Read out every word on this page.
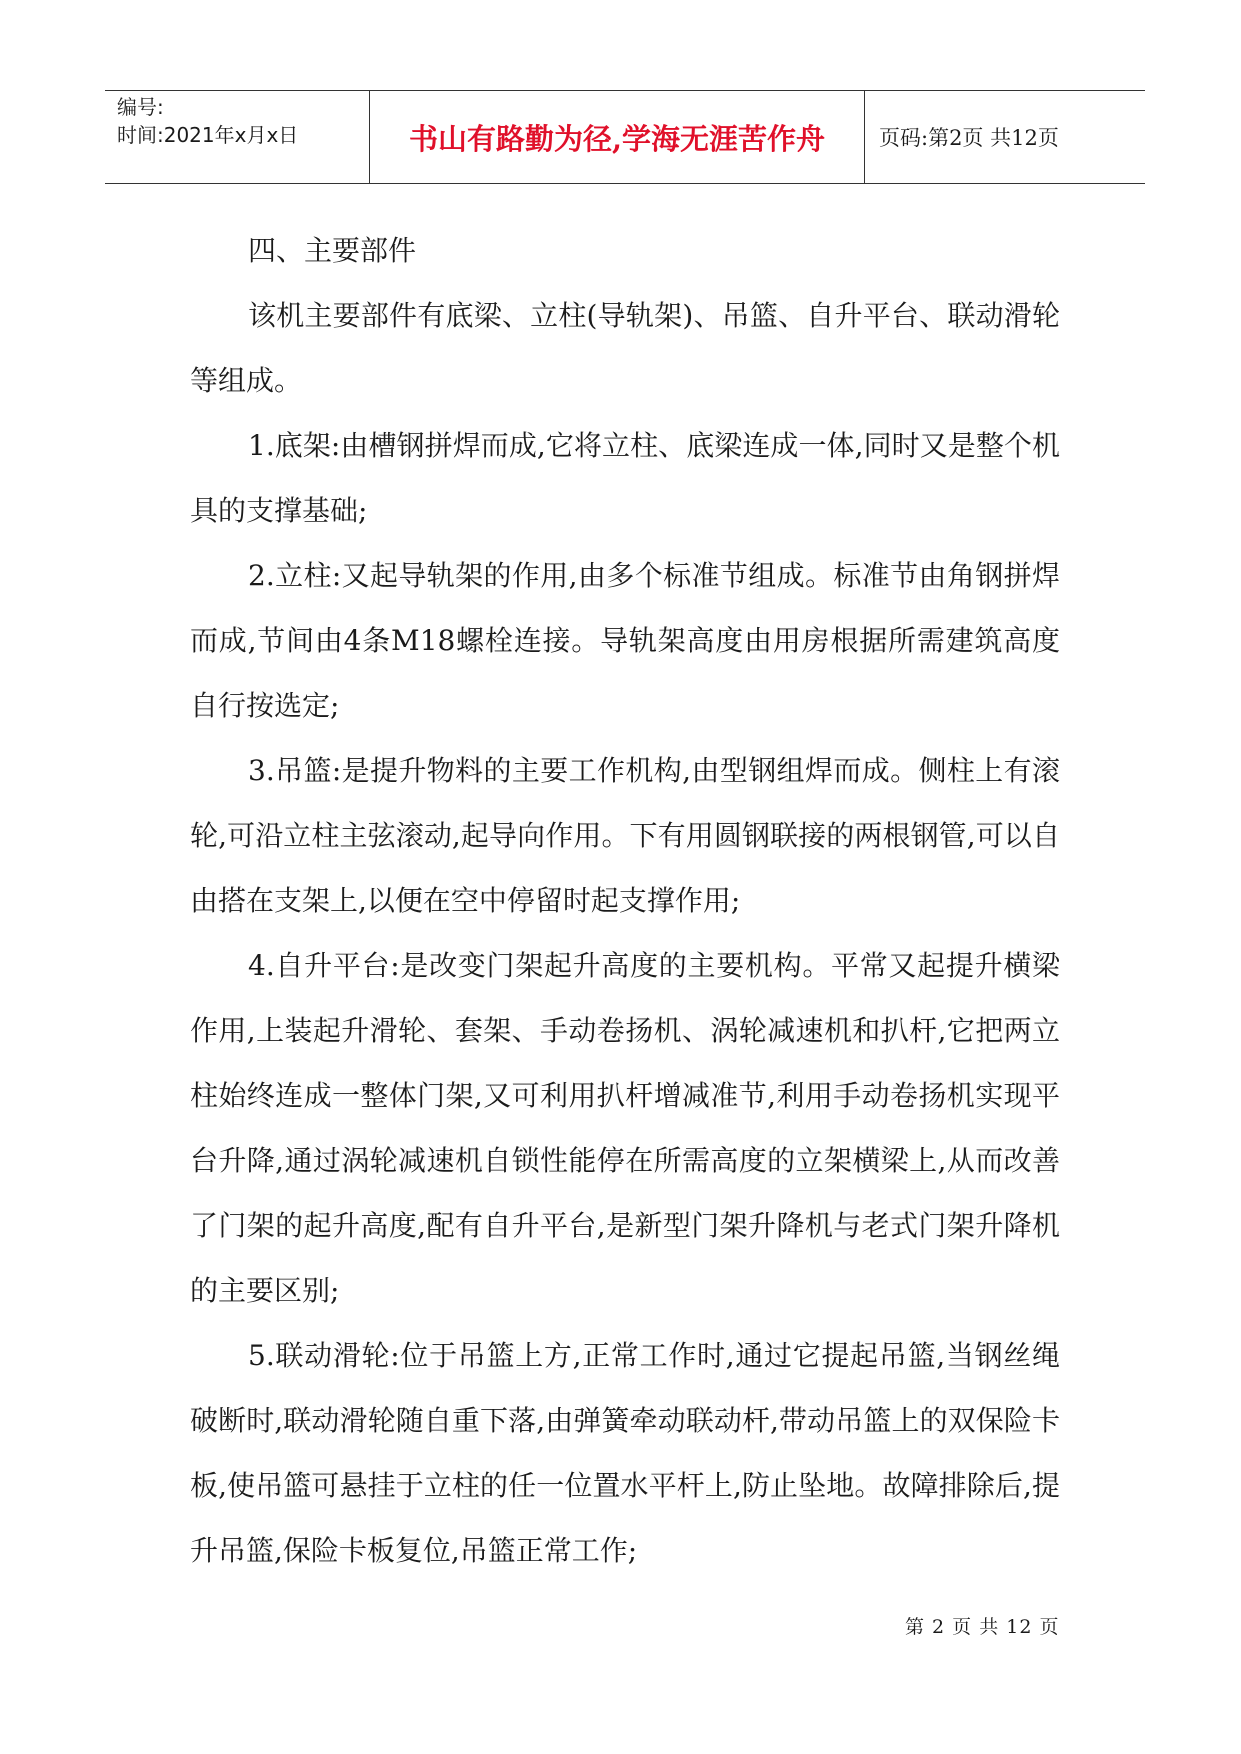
编号:
时间:2021年x月x日	书山有路勤为径,学海无涯苦作舟	页码:第2页 共12页

四、主要部件

该机主要部件有底梁、立柱(导轨架)、吊篮、自升平台、联动滑轮等组成。

1.底架:由槽钢拼焊而成,它将立柱、底梁连成一体,同时又是整个机具的支撑基础;

2.立柱:又起导轨架的作用,由多个标准节组成。标准节由角钢拼焊而成,节间由4条M18螺栓连接。导轨架高度由用房根据所需建筑高度自行按选定;

3.吊篮:是提升物料的主要工作机构,由型钢组焊而成。侧柱上有滚轮,可沿立柱主弦滚动,起导向作用。下有用圆钢联接的两根钢管,可以自由搭在支架上,以便在空中停留时起支撑作用;

4.自升平台:是改变门架起升高度的主要机构。平常又起提升横梁作用,上装起升滑轮、套架、手动卷扬机、涡轮减速机和扒杆,它把两立柱始终连成一整体门架,又可利用扒杆增减准节,利用手动卷扬机实现平台升降,通过涡轮减速机自锁性能停在所需高度的立架横梁上,从而改善了门架的起升高度,配有自升平台,是新型门架升降机与老式门架升降机的主要区别;

5.联动滑轮:位于吊篮上方,正常工作时,通过它提起吊篮,当钢丝绳破断时,联动滑轮随自重下落,由弹簧牵动联动杆,带动吊篮上的双保险卡板,使吊篮可悬挂于立柱的任一位置水平杆上,防止坠地。故障排除后,提升吊篮,保险卡板复位,吊篮正常工作;

第 2 页 共 12 页
